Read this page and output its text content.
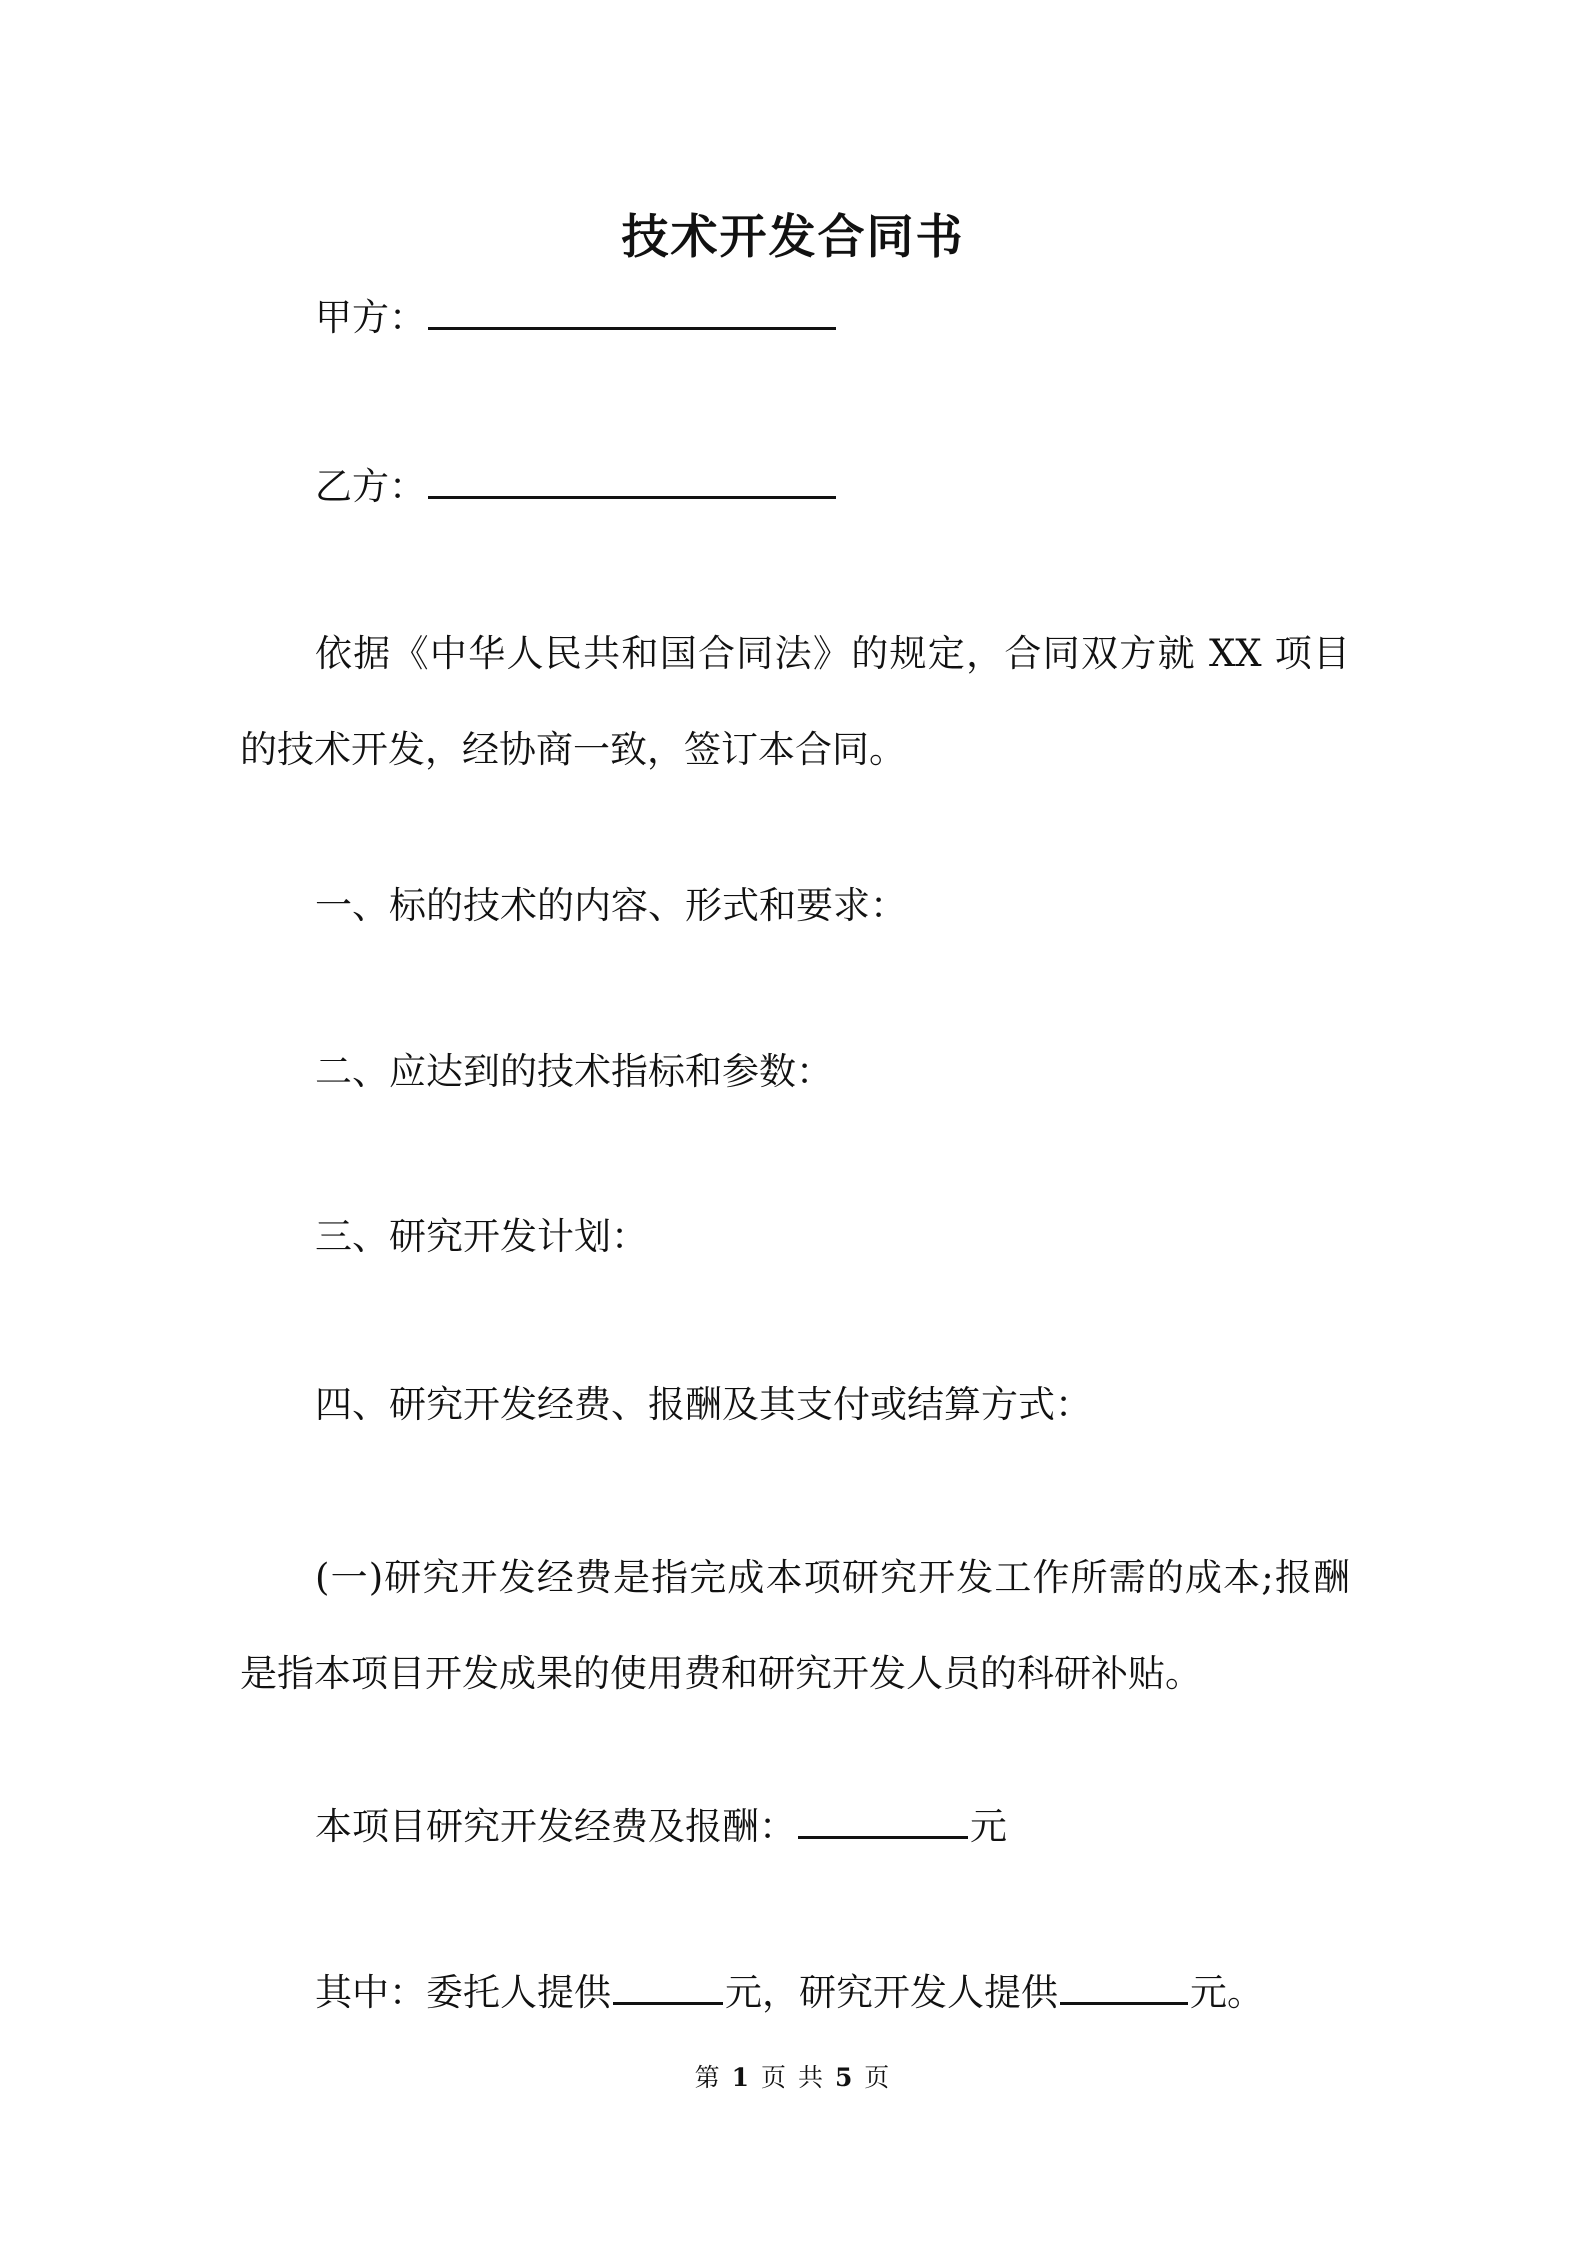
技术开发合同书
甲方：
乙方：
依据《中华人民共和国合同法》的规定，合同双方就 XX 项目的技术开发，经协商一致，签订本合同。
一、标的技术的内容、形式和要求：
二、应达到的技术指标和参数：
三、研究开发计划：
四、研究开发经费、报酬及其支付或结算方式：
(一)研究开发经费是指完成本项研究开发工作所需的成本;报酬是指本项目开发成果的使用费和研究开发人员的科研补贴。
本项目研究开发经费及报酬：	元
其中：委托人提供	元，研究开发人提供	元。
第 1 页 共 5 页
